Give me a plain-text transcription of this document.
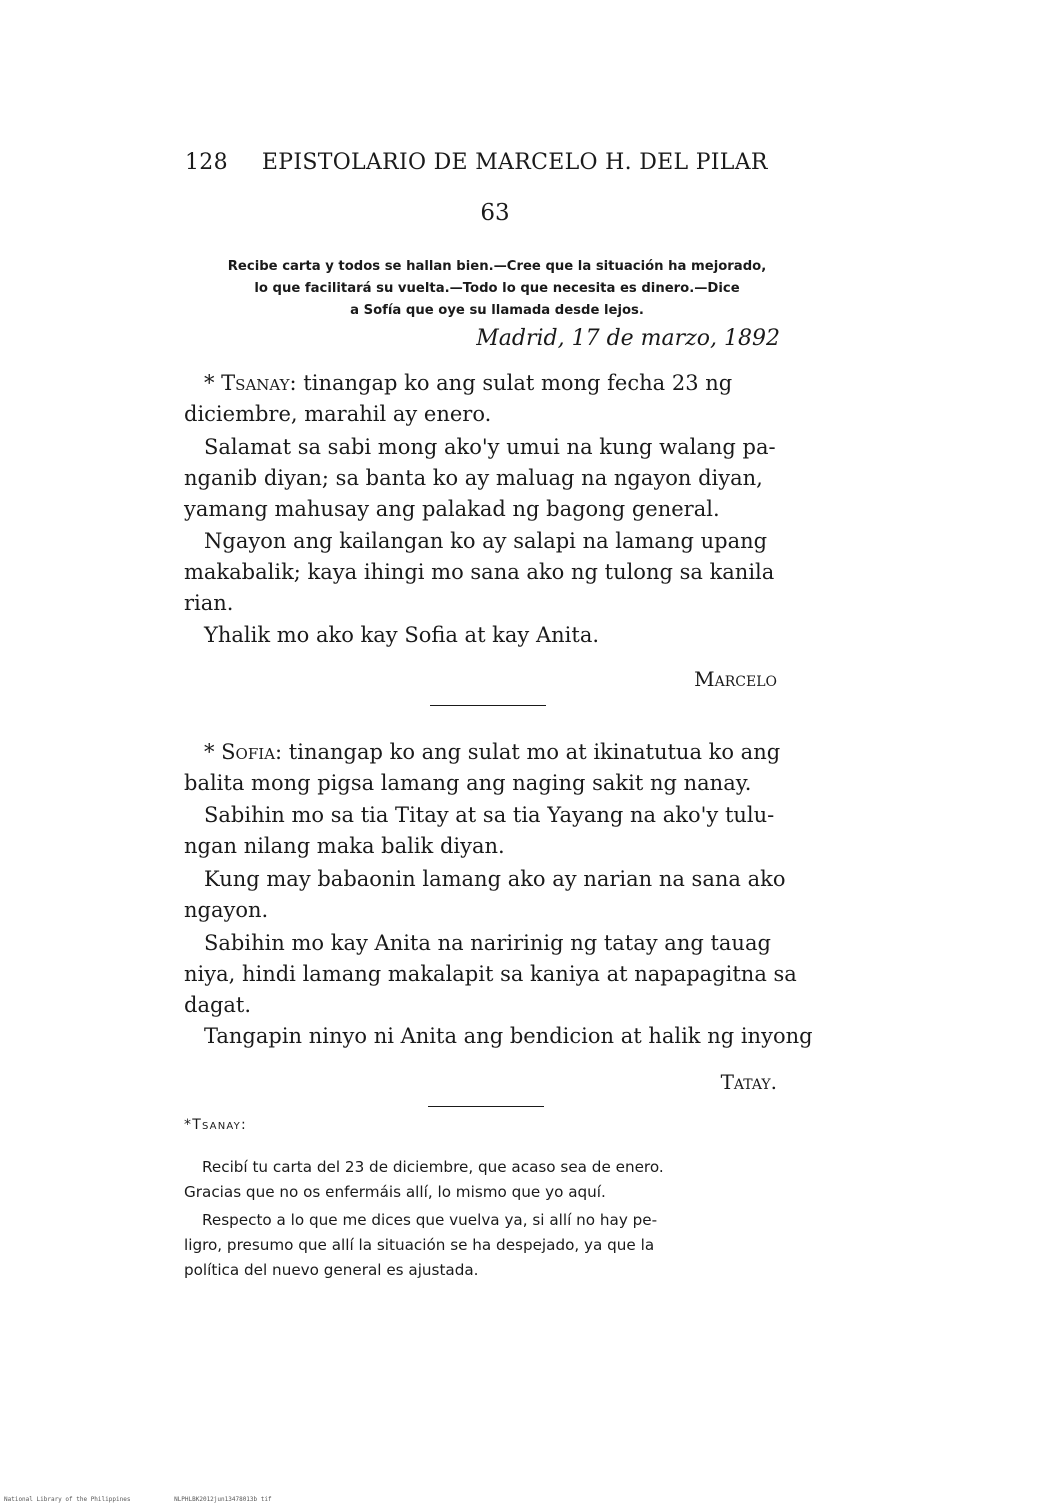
128 EPISTOLARIO DE MARCELO H. DEL PILAR
63
Recibe carta y todos se hallan bien.—Cree que la situación ha mejorado,
lo que facilitará su vuelta.—Todo lo que necesita es dinero.—Dice
a Sofía que oye su llamada desde lejos.
Madrid, 17 de marzo, 1892

* Tsanay: tinangap ko ang sulat mong fecha 23 ng
diciembre, marahil ay enero.

Salamat sa sabi mong ako'y umui na kung walang pa-
nganib diyan; sa banta ko ay maluag na ngayon diyan,
yamang mahusay ang palakad ng bagong general.

Ngayon ang kailangan ko ay salapi na lamang upang
makabalik; kaya ihingi mo sana ako ng tulong sa kanila
rian.

Yhalik mo ako kay Sofia at kay Anita.

Marcelo

* Sofia: tinangap ko ang sulat mo at ikinatutua ko ang
balita mong pigsa lamang ang naging sakit ng nanay.

Sabihin mo sa tia Titay at sa tia Yayang na ako'y tulu-
ngan nilang maka balik diyan.

Kung may babaonin lamang ako ay narian na sana ako
ngayon.

Sabihin mo kay Anita na naririnig ng tatay ang tauag
niya, hindi lamang makalapit sa kaniya at napapagitna sa
dagat.

Tangapin ninyo ni Anita ang bendicion at halik ng inyong

Tatay.
*Tsanay:

Recibí tu carta del 23 de diciembre, que acaso sea de enero.
Gracias que no os enfermáis allí, lo mismo que yo aquí.

Respecto a lo que me dices que vuelva ya, si allí no hay pe-
ligro, presumo que allí la situación se ha despejado, ya que la
política del nuevo general es ajustada.

National Library of the Philippines	NLPHLBK2012jun13478013b tif
